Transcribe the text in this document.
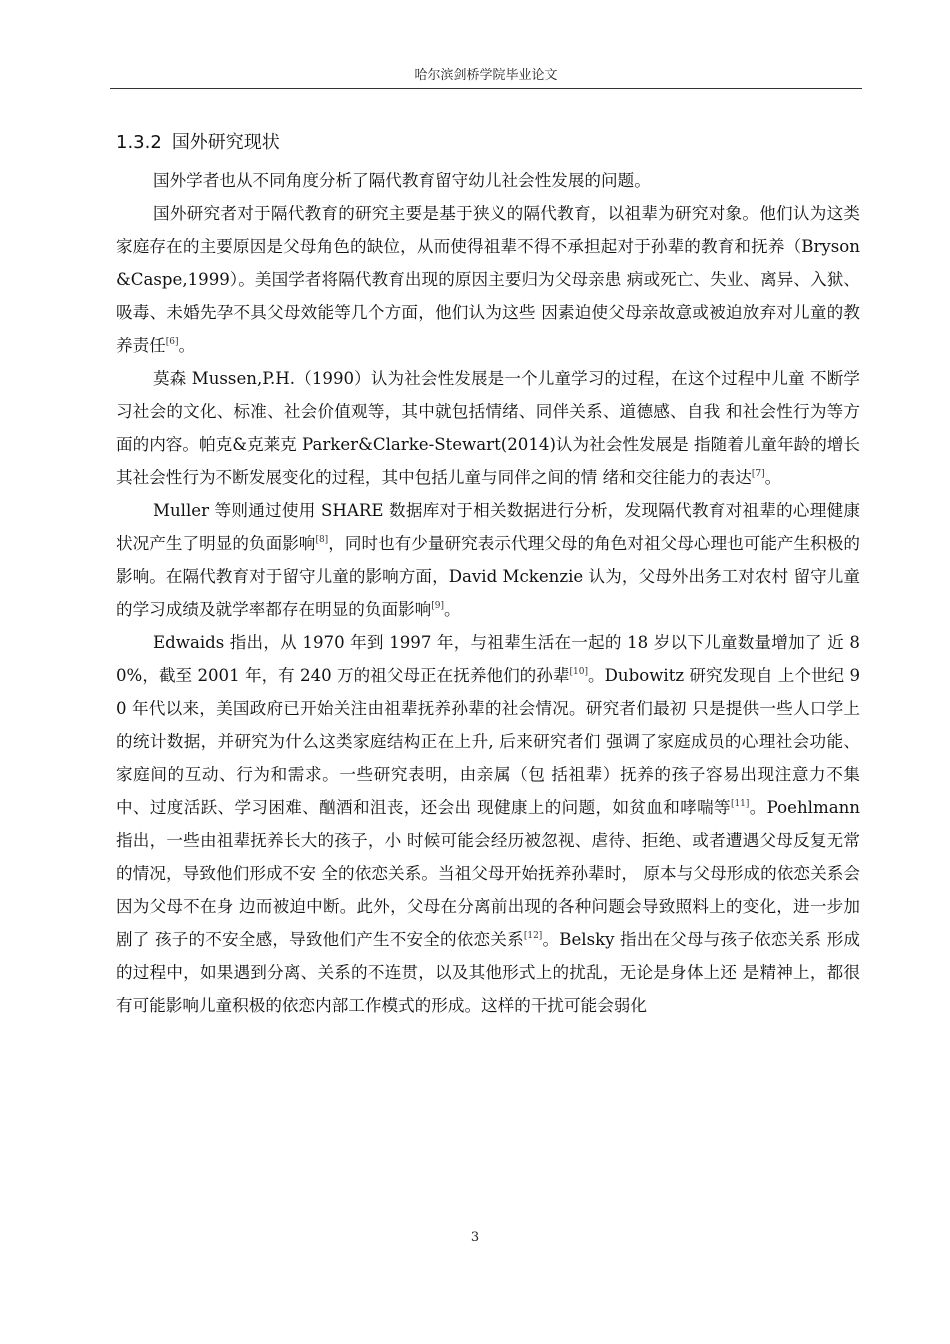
哈尔滨剑桥学院毕业论文
1.3.2 国外研究现状

国外学者也从不同角度分析了隔代教育留守幼儿社会性发展的问题。

国外研究者对于隔代教育的研究主要是基于狭义的隔代教育，以祖辈为研究对象。他们认为这类家庭存在的主要原因是父母角色的缺位，从而使得祖辈不得不承担起对于孙辈的教育和抚养（Bryson&Caspe,1999）。美国学者将隔代教育出现的原因主要归为父母亲患 病或死亡、失业、离异、入狱、吸毒、未婚先孕不具父母效能等几个方面，他们认为这些 因素迫使父母亲故意或被迫放弃对儿童的教养责任[6]。

莫森 Mussen,P.H.（1990）认为社会性发展是一个儿童学习的过程，在这个过程中儿童 不断学习社会的文化、标准、社会价值观等，其中就包括情绪、同伴关系、道德感、自我 和社会性行为等方面的内容。帕克&克莱克 Parker&Clarke-Stewart(2014)认为社会性发展是 指随着儿童年龄的增长其社会性行为不断发展变化的过程，其中包括儿童与同伴之间的情 绪和交往能力的表达[7]。

Muller 等则通过使用 SHARE 数据库对于相关数据进行分析，发现隔代教育对祖辈的心理健康状况产生了明显的负面影响[8]，同时也有少量研究表示代理父母的角色对祖父母心理也可能产生积极的影响。在隔代教育对于留守儿童的影响方面，David Mckenzie 认为，父母外出务工对农村 留守儿童的学习成绩及就学率都存在明显的负面影响[9]。

Edwaids 指出，从 1970 年到 1997 年，与祖辈生活在一起的 18 岁以下儿童数量增加了 近 80%，截至 2001 年，有 240 万的祖父母正在抚养他们的孙辈[10]。Dubowitz 研究发现自 上个世纪 90 年代以来，美国政府已开始关注由祖辈抚养孙辈的社会情况。研究者们最初 只是提供一些人口学上的统计数据，并研究为什么这类家庭结构正在上升, 后来研究者们 强调了家庭成员的心理社会功能、家庭间的互动、行为和需求。一些研究表明，由亲属（包 括祖辈）抚养的孩子容易出现注意力不集中、过度活跃、学习困难、酗酒和沮丧，还会出 现健康上的问题，如贫血和哮喘等[11]。Poehlmann 指出，一些由祖辈抚养长大的孩子，小 时候可能会经历被忽视、虐待、拒绝、或者遭遇父母反复无常的情况，导致他们形成不安 全的依恋关系。当祖父母开始抚养孙辈时， 原本与父母形成的依恋关系会因为父母不在身 边而被迫中断。此外，父母在分离前出现的各种问题会导致照料上的变化，进一步加剧了 孩子的不安全感，导致他们产生不安全的依恋关系[12]。Belsky 指出在父母与孩子依恋关系 形成的过程中，如果遇到分离、关系的不连贯，以及其他形式上的扰乱，无论是身体上还 是精神上，都很有可能影响儿童积极的依恋内部工作模式的形成。这样的干扰可能会弱化

3
